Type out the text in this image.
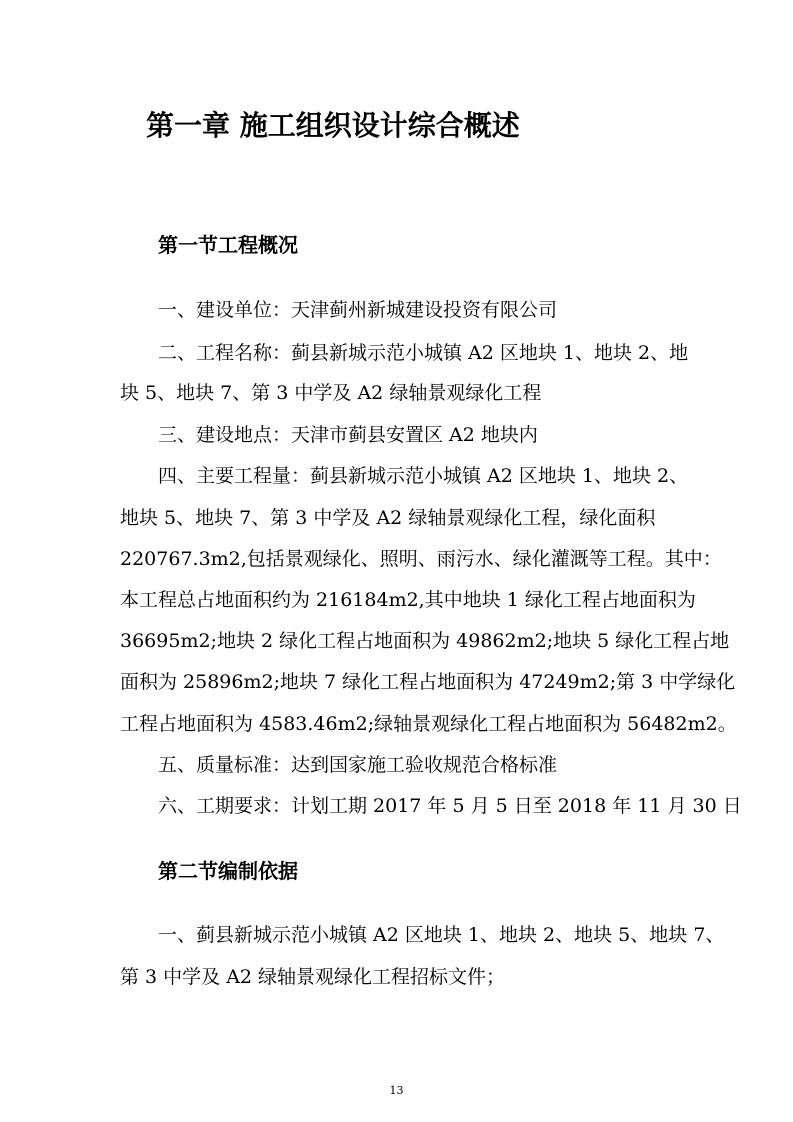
第一章 施工组织设计综合概述
第一节工程概况
一、建设单位：天津蓟州新城建设投资有限公司
二、工程名称：蓟县新城示范小城镇 A2 区地块 1、地块 2、地
块 5、地块 7、第 3 中学及 A2 绿轴景观绿化工程
三、建设地点：天津市蓟县安置区 A2 地块内
四、主要工程量：蓟县新城示范小城镇 A2 区地块 1、地块 2、
地块 5、地块 7、第 3 中学及 A2 绿轴景观绿化工程，绿化面积
220767.3m2,包括景观绿化、照明、雨污水、绿化灌溉等工程。其中：
本工程总占地面积约为 216184m2,其中地块 1 绿化工程占地面积为
36695m2;地块 2 绿化工程占地面积为 49862m2;地块 5 绿化工程占地
面积为 25896m2;地块 7 绿化工程占地面积为 47249m2;第 3 中学绿化
工程占地面积为 4583.46m2;绿轴景观绿化工程占地面积为 56482m2。
五、质量标准：达到国家施工验收规范合格标准
六、工期要求：计划工期 2017 年 5 月 5 日至 2018 年 11 月 30 日
第二节编制依据
一、蓟县新城示范小城镇 A2 区地块 1、地块 2、地块 5、地块 7、
第 3 中学及 A2 绿轴景观绿化工程招标文件；
13
